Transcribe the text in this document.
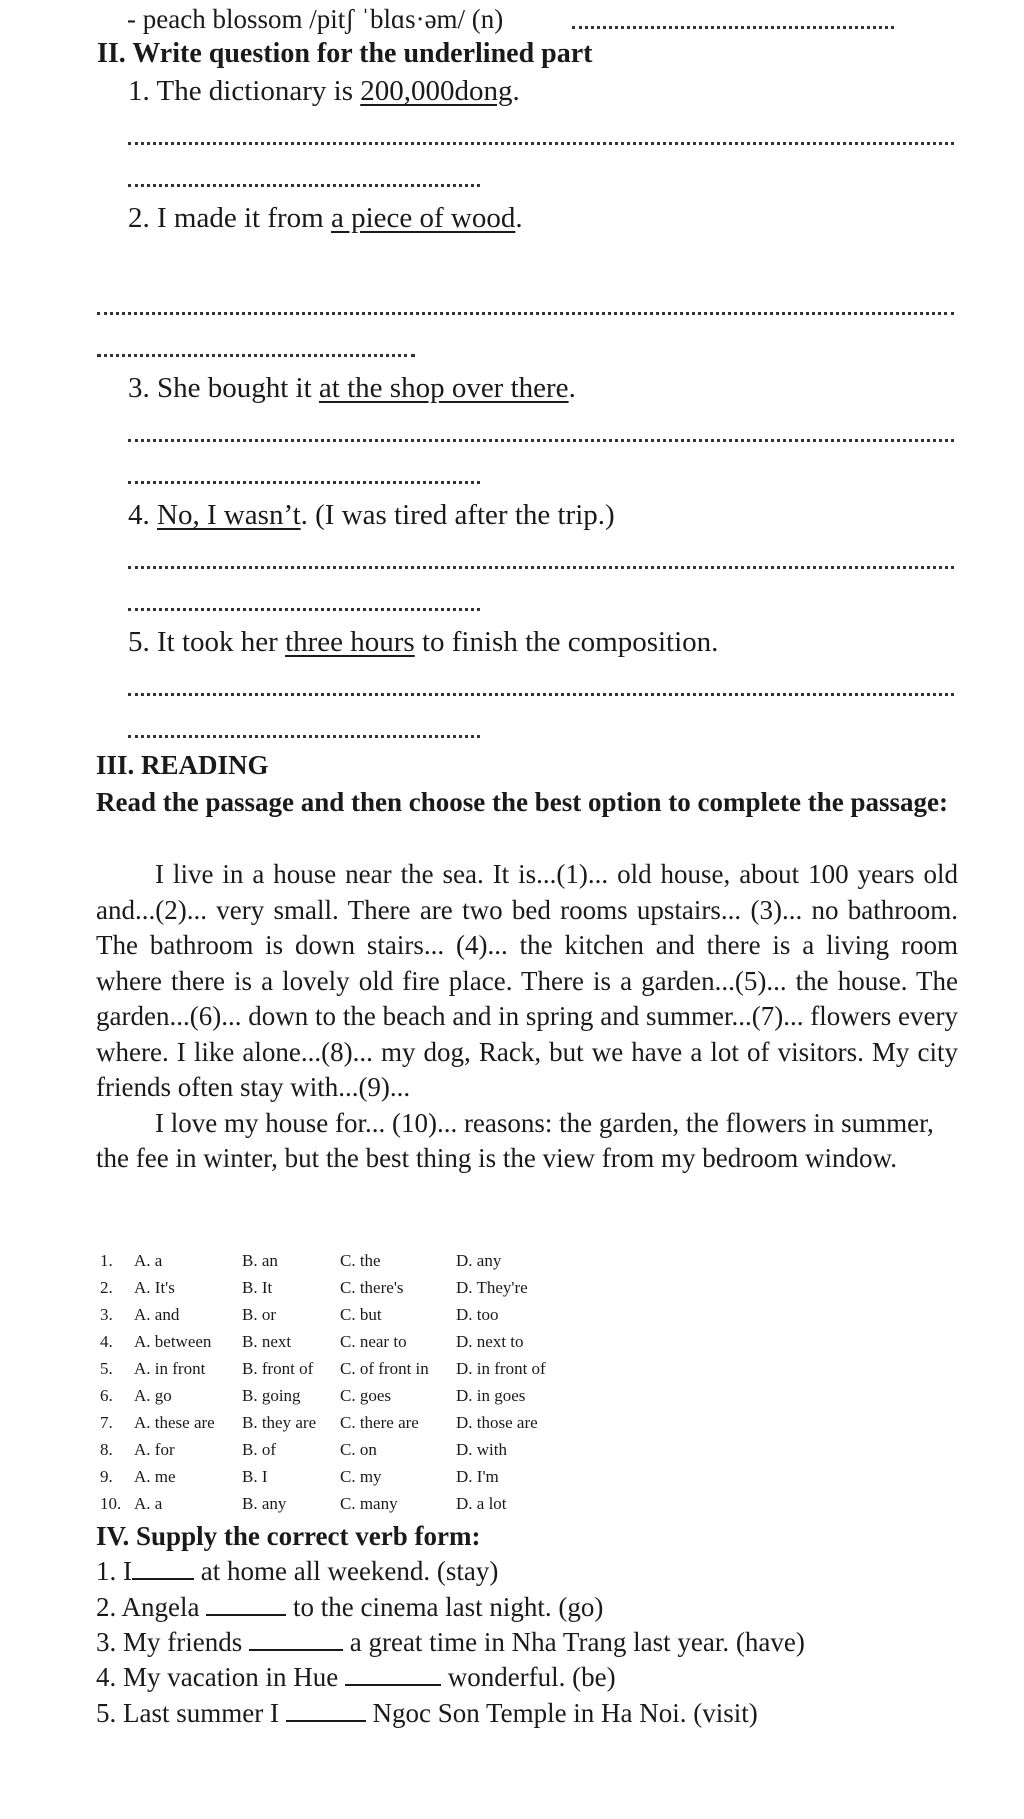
- peach blossom /pitʃ ˈblɑs·əm/ (n)
II. Write question for the underlined part
1. The dictionary is 200,000dong.
2. I made it from a piece of wood.
3. She bought it at the shop over there.
4. No, I wasn’t. (I was tired after the trip.)
5. It took her three hours to finish the composition.
III. READING

Read the passage and then choose the best option to complete the passage:

I live in a house near the sea. It is...(1)... old house, about 100 years old and...(2)... very small. There are two bed rooms upstairs... (3)... no bathroom. The bathroom is down stairs... (4)... the kitchen and there is a living room where there is a lovely old fire place. There is a garden...(5)... the house. The garden...(6)... down to the beach and in spring and summer...(7)... flowers every where. I like alone...(8)... my dog, Rack, but we have a lot of visitors. My city friends often stay with...(9)...

I love my house for... (10)... reasons: the garden, the flowers in summer, the fee in winter, but the best thing is the view from my bedroom window.

1. A. a	B. an	C. the	D. any
2. A. It's	B. It	C. there's	D. They're
3. A. and	B. or	C. but	D. too
4. A. between B. next	C. near to	D. next to
5. A. in front B. front of C. of front in D. in front of
6. A. go	B. going C. goes	D. in goes
7. A. these are B. they are C. there are D. those are
8. A. for	B. of	C. on	D. with
9. A. me	B. I	C. my	D. I'm
10. A. a	B. any	C. many	D. a lot
IV. Supply the correct verb form:
1. I at home all weekend. (stay)
2. Angela	to the cinema last night. (go)
3. My friends	a great time in Nha Trang last year. (have)
4. My vacation in Hue	wonderful. (be)
5. Last summer I	Ngoc Son Temple in Ha Noi. (visit)
